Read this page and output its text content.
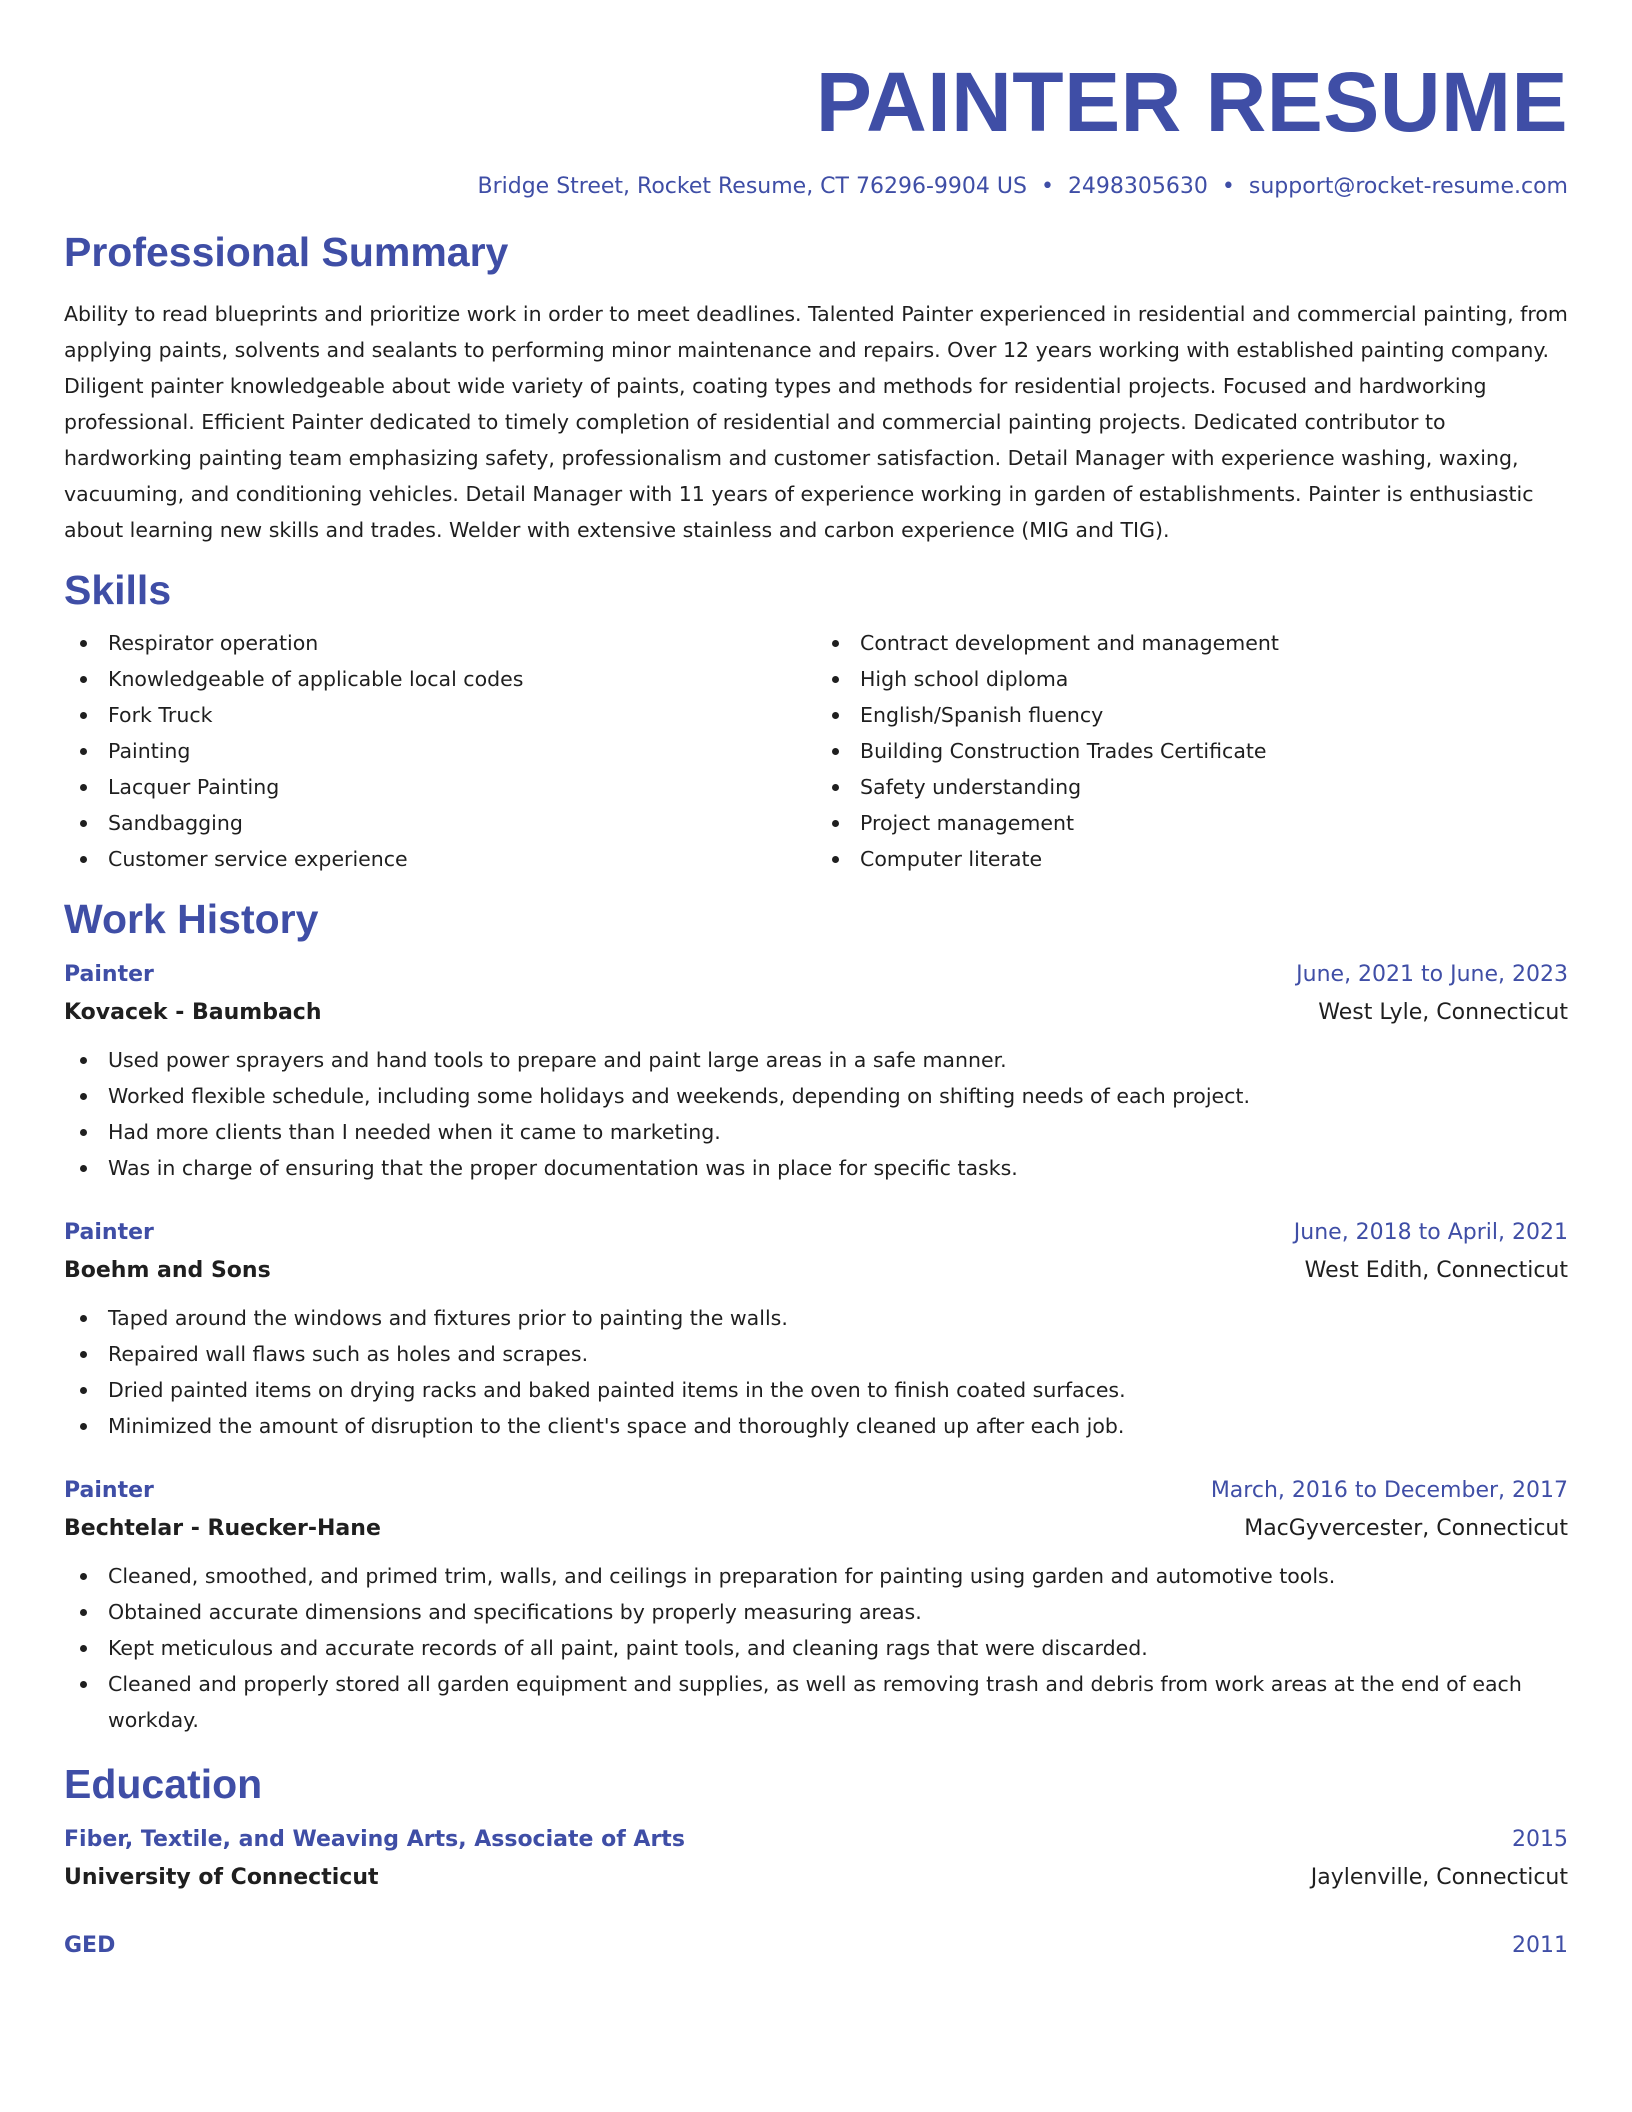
PAINTER RESUME
Bridge Street, Rocket Resume, CT 76296-9904 US • 2498305630 • support@rocket-resume.com
Professional Summary

Ability to read blueprints and prioritize work in order to meet deadlines. Talented Painter experienced in residential and commercial painting, from applying paints, solvents and sealants to performing minor maintenance and repairs. Over 12 years working with established painting company. Diligent painter knowledgeable about wide variety of paints, coating types and methods for residential projects. Focused and hardworking professional. Efficient Painter dedicated to timely completion of residential and commercial painting projects. Dedicated contributor to hardworking painting team emphasizing safety, professionalism and customer satisfaction. Detail Manager with experience washing, waxing, vacuuming, and conditioning vehicles. Detail Manager with 11 years of experience working in garden of establishments. Painter is enthusiastic about learning new skills and trades. Welder with extensive stainless and carbon experience (MIG and TIG).

Skills
Respirator operation
Knowledgeable of applicable local codes
Fork Truck
Painting
Lacquer Painting
Sandbagging
Customer service experience
Contract development and management
High school diploma
English/Spanish fluency
Building Construction Trades Certificate
Safety understanding
Project management
Computer literate
Work History
Painter	June, 2021 to June, 2023
Kovacek - Baumbach	West Lyle, Connecticut
Used power sprayers and hand tools to prepare and paint large areas in a safe manner.
Worked flexible schedule, including some holidays and weekends, depending on shifting needs of each project.
Had more clients than I needed when it came to marketing.
Was in charge of ensuring that the proper documentation was in place for specific tasks.
Painter	June, 2018 to April, 2021
Boehm and Sons	West Edith, Connecticut
Taped around the windows and fixtures prior to painting the walls.
Repaired wall flaws such as holes and scrapes.
Dried painted items on drying racks and baked painted items in the oven to finish coated surfaces.
Minimized the amount of disruption to the client's space and thoroughly cleaned up after each job.
Painter	March, 2016 to December, 2017
Bechtelar - Ruecker-Hane	MacGyvercester, Connecticut
Cleaned, smoothed, and primed trim, walls, and ceilings in preparation for painting using garden and automotive tools.
Obtained accurate dimensions and specifications by properly measuring areas.
Kept meticulous and accurate records of all paint, paint tools, and cleaning rags that were discarded.
Cleaned and properly stored all garden equipment and supplies, as well as removing trash and debris from work areas at the end of each workday.
Education
Fiber, Textile, and Weaving Arts, Associate of Arts	2015
University of Connecticut	Jaylenville, Connecticut
GED	2011
